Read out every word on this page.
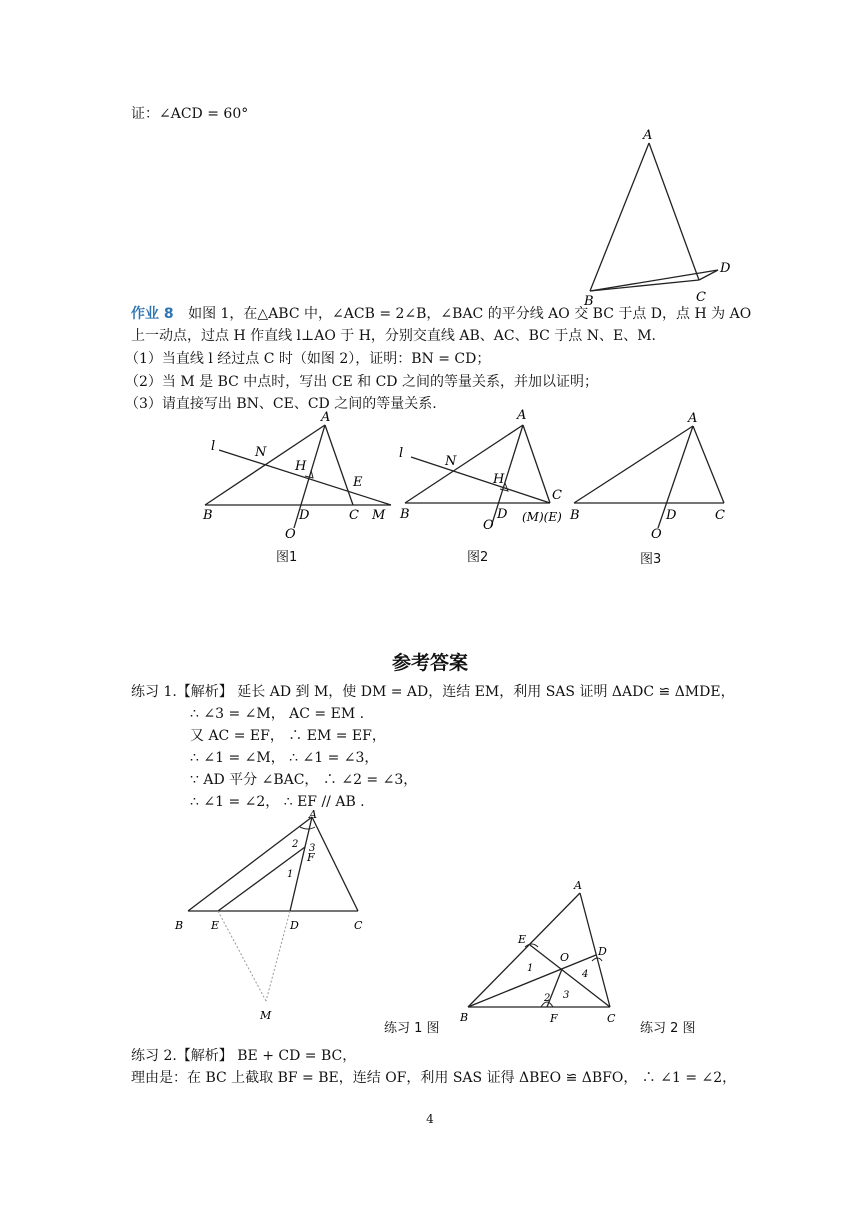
证：∠ACD = 60°
A
B	C
D
作业 8 如图 1，在△ABC 中，∠ACB = 2∠B，∠BAC 的平分线 AO 交 BC 于点 D，点 H 为 AO
上一动点，过点 H 作直线 l⊥AO 于 H，分别交直线 AB、AC、BC 于点 N、E、M.
（1）当直线 l 经过点 C 时（如图 2），证明：BN = CD；
（2）当 M 是 BC 中点时，写出 CE 和 CD 之间的等量关系，并加以证明；
（3）请直接写出 BN、CE、CD 之间的等量关系.
A
l	N
H
E
B	D	C M
O
图1
A
l
N
H
C
B	D (M)(E)
O
图2
A
B	D	C
O
图3
参考答案
练习 1.【解析】 延长 AD 到 M，使 DM = AD，连结 EM，利用 SAS 证明 ΔADC ≌ ΔMDE，
∴ ∠3 = ∠M， AC = EM .
又 AC = EF， ∴ EM = EF，
∴ ∠1 = ∠M， ∴ ∠1 = ∠3，
∵ AD 平分 ∠BAC， ∴ ∠2 = ∠3，
∴ ∠1 = ∠2， ∴ EF // AB .
A
2 3
F
1
B	E	D	C
M
练习 1 图
A
E
D
O
1
4
2 3
B	F	C
练习 2 图
练习 2.【解析】 BE + CD = BC，
理由是：在 BC 上截取 BF = BE，连结 OF，利用 SAS 证得 ΔBEO ≌ ΔBFO， ∴ ∠1 = ∠2，
4
